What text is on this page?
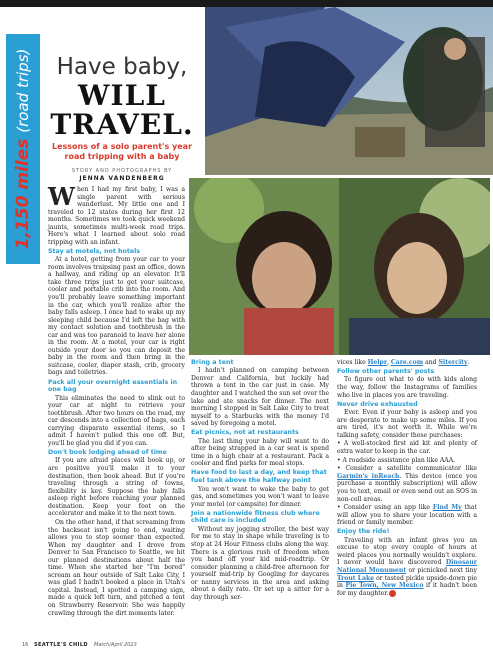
1,150 miles (road trips)	Have baby,
WILL
TRAVEL.
Lessons of a solo parent's year road tripping with a baby
STORY AND PHOTOGRAPHS BY
JENNA VANDENBERG

When I had my first baby, I was a single parent with serious wanderlust. My little one and I traveled to 12 states during her first 12 months. Sometimes we took quick weekend jaunts, sometimes multi-week road trips. Here's what I learned about solo road tripping with an infant.

Stay at motels, not hotels

At a hotel, getting from your car to your room involves traipsing past an office, down a hallway, and riding up an elevator. It'll take three trips just to get your suitcase, cooler and portable crib into the room. And you'll probably leave something important in the car, which you'll realize after the baby falls asleep. I once had to wake up my sleeping child because I'd left the bag with my contact solution and toothbrush in the car and was too paranoid to leave her alone in the room. At a motel, your car is right outside your door so you can deposit the baby in the room and then bring in the suitcase, cooler, diaper stash, crib, grocery bags and toiletries.

Pack all your overnight essentials in one bag

This eliminates the need to slink out to your car at night to retrieve your toothbrush. After two hours on the road, my car descends into a collection of bags, each carrying disparate essential items, so I admit I haven't pulled this one off. But, you'll be glad you did if you can.

Don't book lodging ahead of time

If you are afraid places will book up, or are positive you'll make it to your destination, then book ahead. But if you're traveling through a string of towns, flexibility is key. Suppose the baby falls asleep right before reaching your planned destination. Keep your foot on the accelerator and make it to the next town.

On the other hand, if that screaming from the backseat isn't going to end, waiting allows you to stop sooner than expected. When my daughter and I drove from Denver to San Francisco to Seattle, we hit our planned destinations about half the time. When she started her "I'm bored" scream an hour outside of Salt Lake City, I was glad I hadn't booked a place in Utah's capital. Instead, I spotted a camping sign, made a quick left turn, and pitched a tent on Strawberry Reservoir. She was happily crawling through the dirt moments later.

Bring a tent

I hadn't planned on camping between Denver and California, but luckily had thrown a tent in the car just in case. My daughter and I watched the sun set over the lake and ate snacks for dinner. The next morning I stopped in Salt Lake City to treat myself to a Starbucks with the money I'd saved by foregoing a motel.

Eat picnics, not at restaurants

The last thing your baby will want to do after being strapped in a car seat is spend time in a high chair at a restaurant. Pack a cooler and find parks for meal stops.

Have food to last a day, and keep that fuel tank above the halfway point

You won't want to wake the baby to get gas, and sometimes you won't want to leave your motel (or campsite) for dinner.

Join a nationwide fitness club where child care is included

Without my jogging stroller, the best way for me to stay in shape while traveling is to stop at 24 Hour Fitness clubs along the way. There is a glorious rush of freedom when you hand off your kid mid-roadtrip. Or consider planning a child-free afternoon for yourself mid-trip by Googling for daycares or nanny services in the area and asking about a daily rate. Or set up a sitter for a day through ser-

vices like Helpr, Care.com and Sitercity.

Follow other parents' posts

To figure out what to do with kids along the way, follow the Instagrams of families who live in places you are traveling.

Never drive exhausted

Ever. Even if your baby is asleep and you are desperate to make up some miles. If you are tired, it's not worth it. While we're talking safety, consider these purchases:

• A well-stocked first aid kit and plenty of extra water to keep in the car.

• A roadside assistance plan like AAA.

• Consider a satellite communicator like Garmin's inReach. This device (once you purchase a monthly subscription) will allow you to text, email or even send out an SOS in non-cell areas.

• Consider using an app like Find My that will allow you to share your location with a friend or family member.

Enjoy the ride!

Traveling with an infant gives you an excuse to stop every couple of hours at weird places you normally wouldn't explore. I never would have discovered Dinosaur National Monument or picnicked next tiny Trout Lake or tasted pickle upside-down pie in Pie Town, New Mexico if it hadn't been for my daughter.

16 SEATTLE'S CHILD March/April 2023
